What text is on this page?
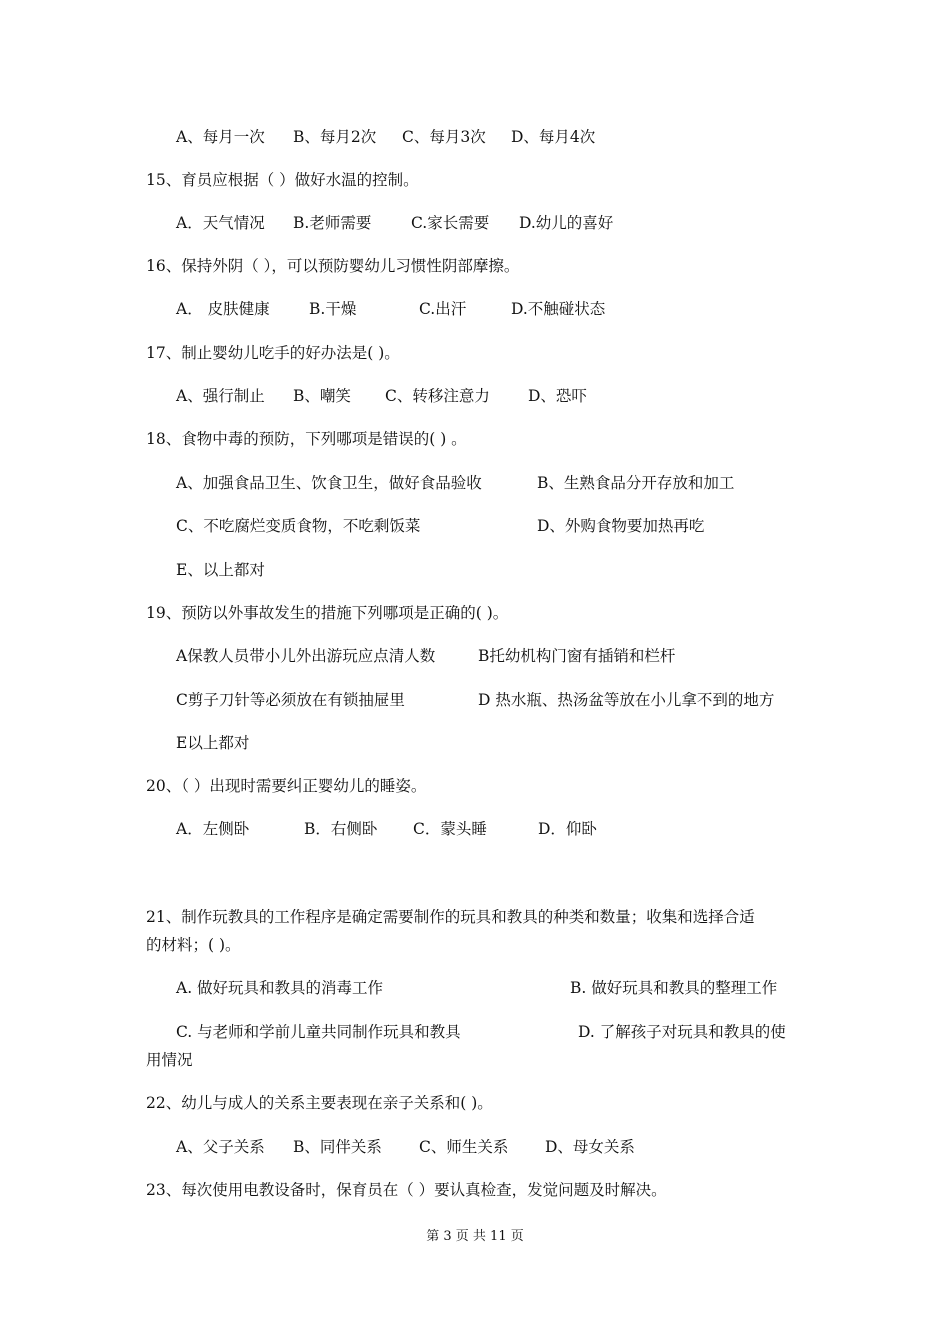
A、每月一次 B、每月2次 C、每月3次 D、每月4次
15、育员应根据（ ）做好水温的控制。
A．天气情况 B.老师需要	C.家长需要 D.幼儿的喜好
16、保持外阴（ ），可以预防婴幼儿习惯性阴部摩擦。
A． 皮肤健康	B.干燥	C.出汗	D.不触碰状态
17、制止婴幼儿吃手的好办法是( )。
A、强行制止 B、嘲笑 C、转移注意力 D、恐吓
18、食物中毒的预防，下列哪项是错误的( ) 。
A、加强食品卫生、饮食卫生，做好食品验收	B、生熟食品分开存放和加工
C、不吃腐烂变质食物，不吃剩饭菜	D、外购食物要加热再吃
E、以上都对
19、预防以外事故发生的措施下列哪项是正确的( )。
A保教人员带小儿外出游玩应点清人数	B托幼机构门窗有插销和栏杆
C剪子刀针等必须放在有锁抽屉里	D 热水瓶、热汤盆等放在小儿拿不到的地方
E以上都对
20、（ ）出现时需要纠正婴幼儿的睡姿。
A．左侧卧	B．右侧卧 C．蒙头睡	D．仰卧
21、制作玩教具的工作程序是确定需要制作的玩具和教具的种类和数量；收集和选择合适
的材料；( )。
A. 做好玩具和教具的消毒工作	B. 做好玩具和教具的整理工作
C. 与老师和学前儿童共同制作玩具和教具	D. 了解孩子对玩具和教具的使
用情况
22、幼儿与成人的关系主要表现在亲子关系和( )。
A、父子关系 B、同伴关系 C、师生关系 D、母女关系
23、每次使用电教设备时，保育员在（ ）要认真检查，发觉问题及时解决。
第 3 页 共 11 页
